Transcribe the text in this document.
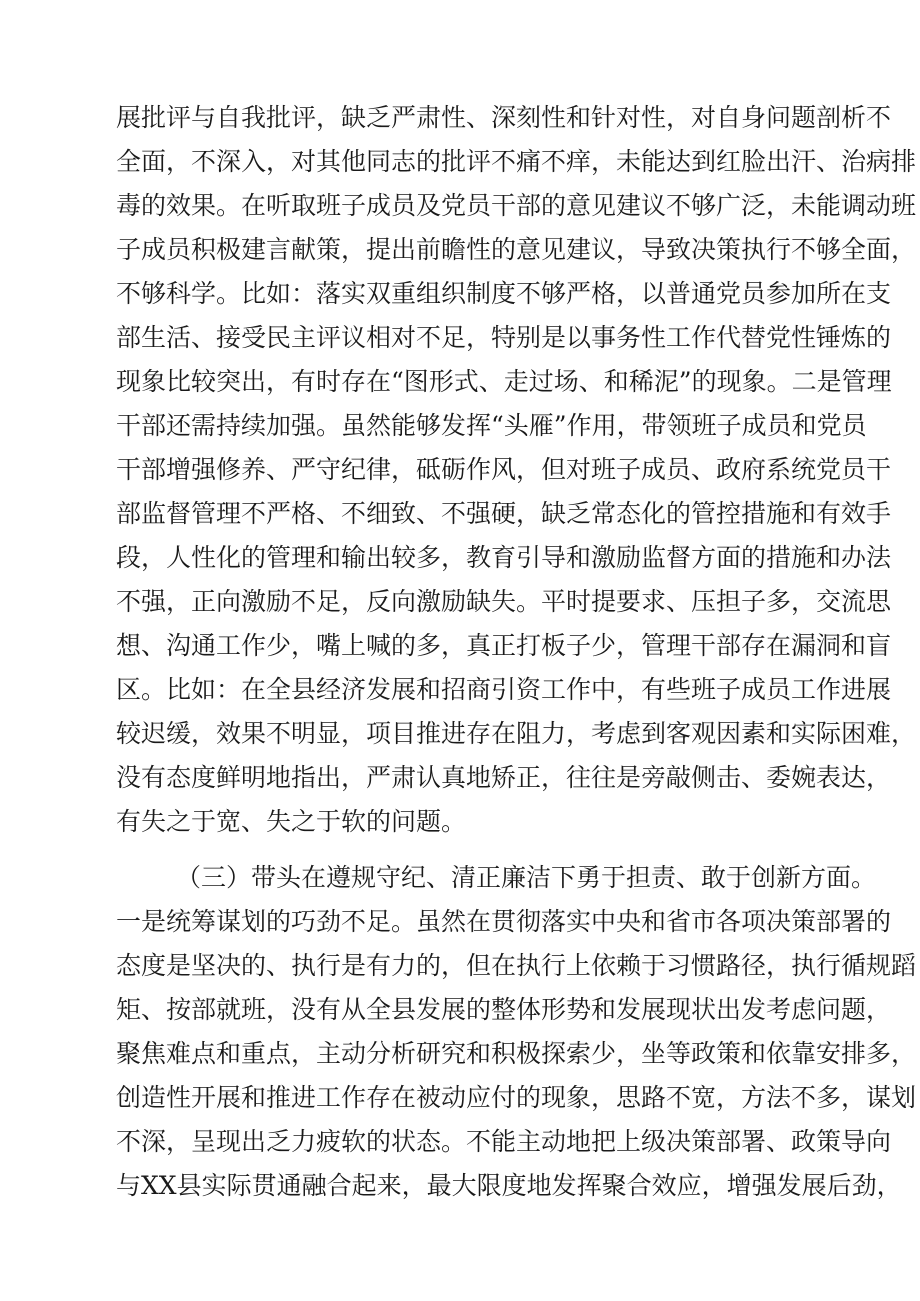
展批评与自我批评，缺乏严肃性、深刻性和针对性，对自身问题剖析不
全面，不深入，对其他同志的批评不痛不痒，未能达到红脸出汗、治病排
毒的效果。在听取班子成员及党员干部的意见建议不够广泛，未能调动班
子成员积极建言献策，提出前瞻性的意见建议，导致决策执行不够全面，
不够科学。比如：落实双重组织制度不够严格，以普通党员参加所在支
部生活、接受民主评议相对不足，特别是以事务性工作代替党性锤炼的
现象比较突出，有时存在“图形式、走过场、和稀泥”的现象。二是管理
干部还需持续加强。虽然能够发挥“头雁”作用，带领班子成员和党员
干部增强修养、严守纪律，砥砺作风，但对班子成员、政府系统党员干
部监督管理不严格、不细致、不强硬，缺乏常态化的管控措施和有效手
段，人性化的管理和输出较多，教育引导和激励监督方面的措施和办法
不强，正向激励不足，反向激励缺失。平时提要求、压担子多，交流思
想、沟通工作少，嘴上喊的多，真正打板子少，管理干部存在漏洞和盲
区。比如：在全县经济发展和招商引资工作中，有些班子成员工作进展
较迟缓，效果不明显，项目推进存在阻力，考虑到客观因素和实际困难，
没有态度鲜明地指出，严肃认真地矫正，往往是旁敲侧击、委婉表达，
有失之于宽、失之于软的问题。
（三）带头在遵规守纪、清正廉洁下勇于担责、敢于创新方面。
一是统筹谋划的巧劲不足。虽然在贯彻落实中央和省市各项决策部署的
态度是坚决的、执行是有力的，但在执行上依赖于习惯路径，执行循规蹈
矩、按部就班，没有从全县发展的整体形势和发展现状出发考虑问题，
聚焦难点和重点，主动分析研究和积极探索少，坐等政策和依靠安排多，
创造性开展和推进工作存在被动应付的现象，思路不宽，方法不多，谋划
不深，呈现出乏力疲软的状态。不能主动地把上级决策部署、政策导向
与XX县实际贯通融合起来，最大限度地发挥聚合效应，增强发展后劲，
